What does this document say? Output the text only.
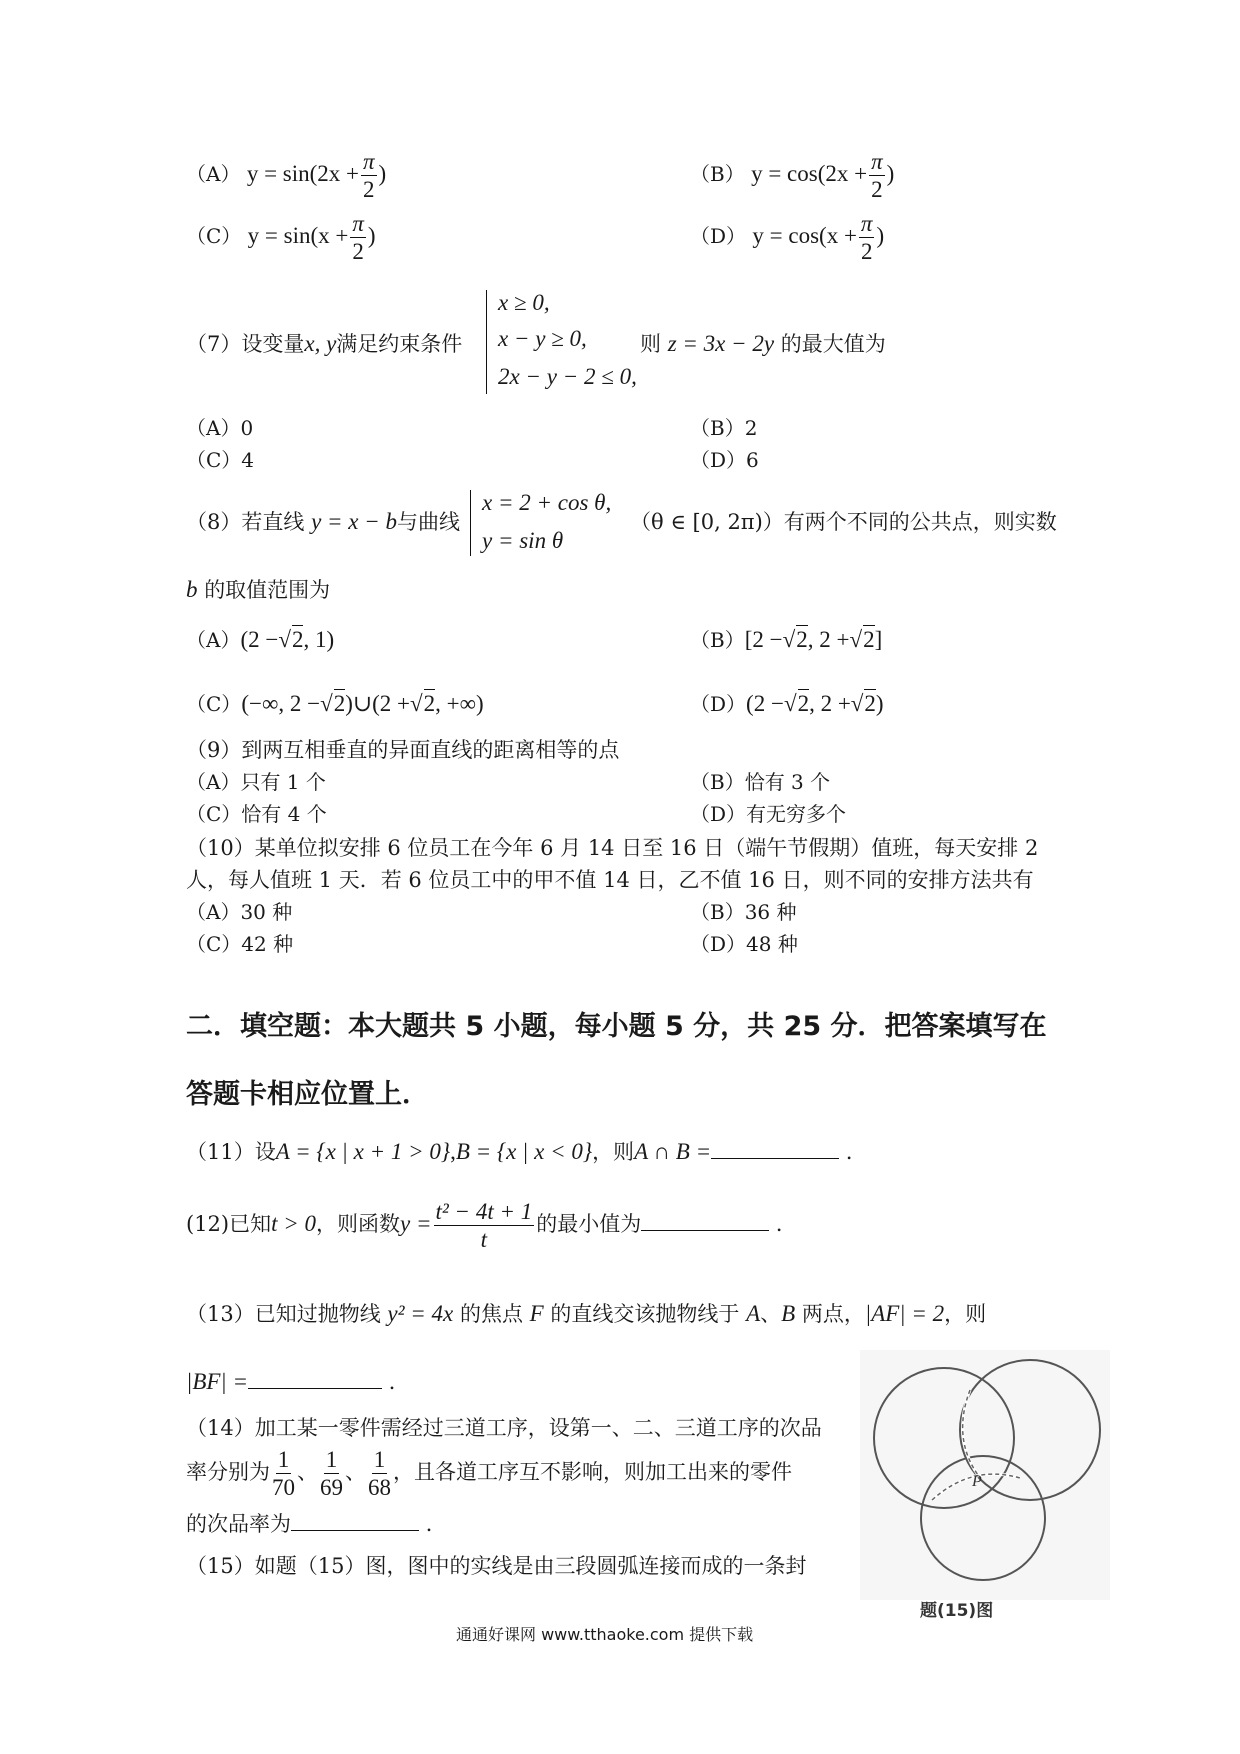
（A） $y = \sin(2x + \frac{\pi}{2}$ )	（B） $y = \cos(2x + \frac{\pi}{2}$ )
（C） $y = \sin(x + \frac{\pi}{2}$ )	（D） $y = \cos(x + \frac{\pi}{2}$ )
（7）设变量x, y满足约束条件
x ≥ 0,
x − y ≥ 0,
2x − y − 2 ≤ 0,
则 z = 3x − 2y 的最大值为
（A）0	（B）2
（C）4	（D）6
（8）若直线 y = x − b与曲线
x = 2 + cos θ,
y = sin θ
（θ ∈ [0, 2π)）有两个不同的公共点，则实数
b 的取值范围为
（A）(2 −√2, 1)	（B）[2 −√2, 2 +√2]
（C）(−∞, 2 −√2)∪(2 +√2, +∞)	（D）(2 −√2, 2 +√2)
（9）到两互相垂直的异面直线的距离相等的点
（A）只有 1 个	（B）恰有 3 个
（C）恰有 4 个	（D）有无穷多个
（10）某单位拟安排 6 位员工在今年 6 月 14 日至 16 日（端午节假期）值班，每天安排 2
人，每人值班 1 天．若 6 位员工中的甲不值 14 日，乙不值 16 日，则不同的安排方法共有
（A）30 种	（B）36 种
（C）42 种	（D）48 种
二．填空题：本大题共 5 小题，每小题 5 分，共 25 分．把答案填写在
答题卡相应位置上．
（11）设A = {x | x + 1 > 0},B = {x | x < 0}，则A ∩ B =	．
(12)已知t > 0，则函数$y = \frac{\text{t² − 4t + 1}}{t}$ 的最小值为	．
（13）已知过抛物线 y² = 4x 的焦点 F 的直线交该抛物线于 A、B 两点，|AF| = 2，则
|BF| =	．
（14）加工某一零件需经过三道工序，设第一、二、三道工序的次品
率分别为 $\frac{1}{70}$ 、 $\frac{1}{69}$ 、 $\frac{1}{68}$ ，且各道工序互不影响，则加工出来的零件
的次品率为	．
（15）如题（15）图，图中的实线是由三段圆弧连接而成的一条封
P
题(15)图
通通好课网 www.tthaoke.com 提供下载
